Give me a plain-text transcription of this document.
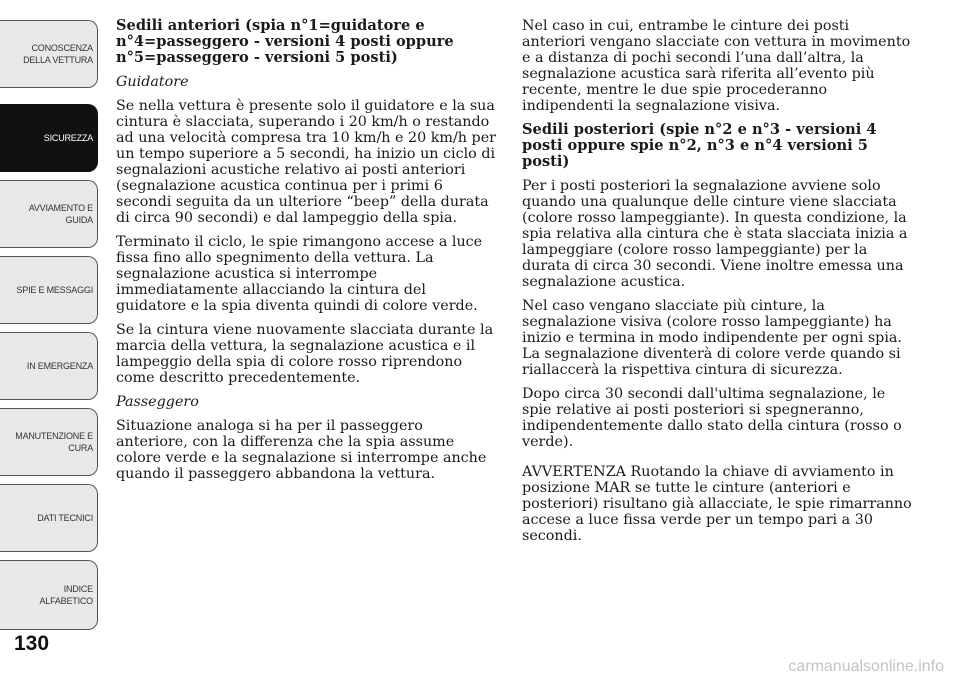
CONOSCENZA
DELLA VETTURA
SICUREZZA
AVVIAMENTO E
GUIDA
SPIE E MESSAGGI
IN EMERGENZA
MANUTENZIONE E
CURA
DATI TECNICI
INDICE
ALFABETICO
130
Sedili anteriori (spia n°1=guidatore e n°4=passeggero - versioni 4 posti oppure n°5=passeggero - versioni 5 posti)

Guidatore

Se nella vettura è presente solo il guidatore e la sua cintura è slacciata, superando i 20 km/h o restando ad una velocità compresa tra 10 km/h e 20 km/h per un tempo superiore a 5 secondi, ha inizio un ciclo di segnalazioni acustiche relativo ai posti anteriori (segnalazione acustica continua per i primi 6 secondi seguita da un ulteriore “beep” della durata di circa 90 secondi) e dal lampeggio della spia.

Terminato il ciclo, le spie rimangono accese a luce fissa fino allo spegnimento della vettura. La segnalazione acustica si interrompe immediatamente allacciando la cintura del guidatore e la spia diventa quindi di colore verde.

Se la cintura viene nuovamente slacciata durante la marcia della vettura, la segnalazione acustica e il lampeggio della spia di colore rosso riprendono come descritto precedentemente.

Passeggero

Situazione analoga si ha per il passeggero anteriore, con la differenza che la spia assume colore verde e la segnalazione si interrompe anche quando il passeggero abbandona la vettura.

Nel caso in cui, entrambe le cinture dei posti anteriori vengano slacciate con vettura in movimento e a distanza di pochi secondi l’una dall’altra, la segnalazione acustica sarà riferita all’evento più recente, mentre le due spie procederanno indipendenti la segnalazione visiva.

Sedili posteriori (spie n°2 e n°3 - versioni 4 posti oppure spie n°2, n°3 e n°4 versioni 5 posti)

Per i posti posteriori la segnalazione avviene solo quando una qualunque delle cinture viene slacciata (colore rosso lampeggiante). In questa condizione, la spia relativa alla cintura che è stata slacciata inizia a lampeggiare (colore rosso lampeggiante) per la durata di circa 30 secondi. Viene inoltre emessa una segnalazione acustica.

Nel caso vengano slacciate più cinture, la segnalazione visiva (colore rosso lampeggiante) ha inizio e termina in modo indipendente per ogni spia. La segnalazione diventerà di colore verde quando si riallaccerà la rispettiva cintura di sicurezza.

Dopo circa 30 secondi dall'ultima segnalazione, le spie relative ai posti posteriori si spegneranno, indipendentemente dallo stato della cintura (rosso o verde).

AVVERTENZA Ruotando la chiave di avviamento in posizione MAR se tutte le cinture (anteriori e posteriori) risultano già allacciate, le spie rimarranno accese a luce fissa verde per un tempo pari a 30 secondi.

carmanualsonline.info
